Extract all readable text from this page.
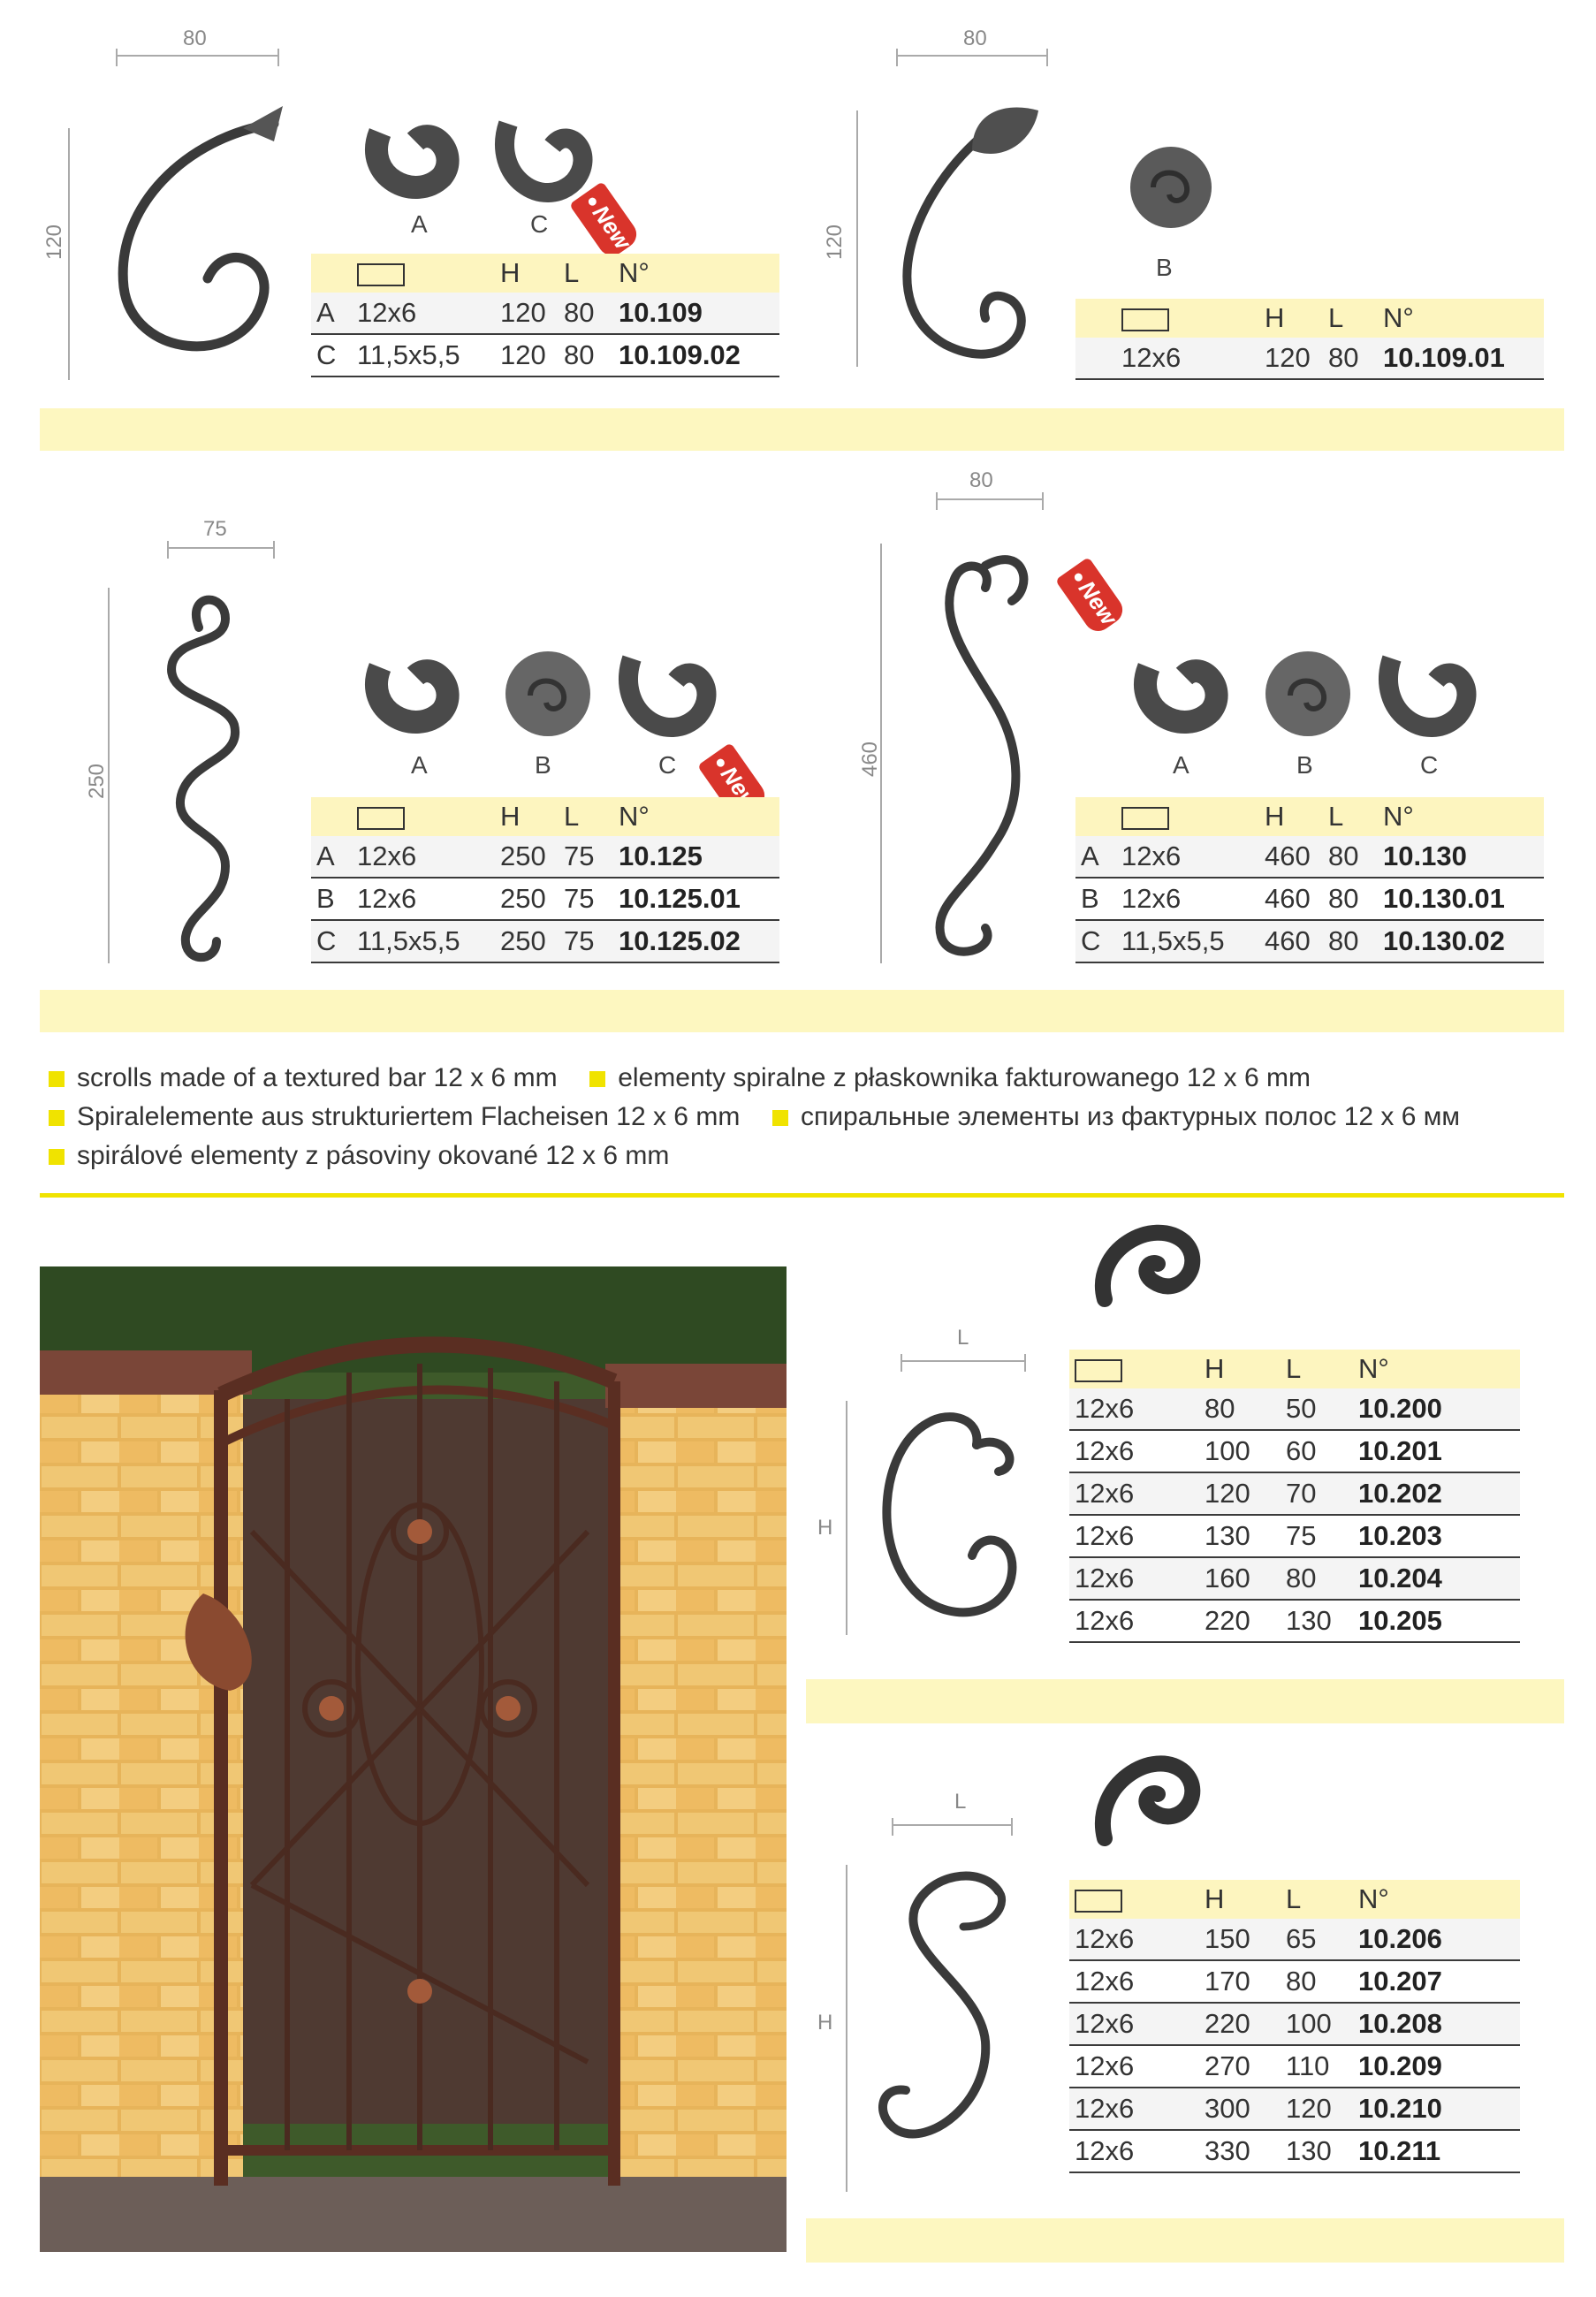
80
120
A	C New
		H	L	N°
A	12x6	120	80	10.109
C	11,5x5,5	120	80	10.109.02
80
120
B
		H	L	N°
	12x6	120	80	10.109.01
75
250	A	B	C New
		H	L	N°
A	12x6	250	75	10.125
B	12x6	250	75	10.125.01
C	11,5x5,5	250	75	10.125.02
80
460
New
A	B	C
		H	L	N°
A	12x6	460	80	10.130
B	12x6	460	80	10.130.01
C	11,5x5,5	460	80	10.130.02
scrolls made of a textured bar 12 x 6 mm elementy spiralne z płaskownika fakturowanego 12 x 6 mm
Spiralelemente aus strukturiertem Flacheisen 12 x 6 mm спиральные элементы из фактурных полос 12 x 6 мм
spirálové elementy z pásoviny okované 12 x 6 mm
L
H
	H	L	N°
12x6	80	50	10.200
12x6	100	60	10.201
12x6	120	70	10.202
12x6	130	75	10.203
12x6	160	80	10.204
12x6	220	130	10.205
L
H
	H	L	N°
12x6	150	65	10.206
12x6	170	80	10.207
12x6	220	100	10.208
12x6	270	110	10.209
12x6	300	120	10.210
12x6	330	130	10.211
